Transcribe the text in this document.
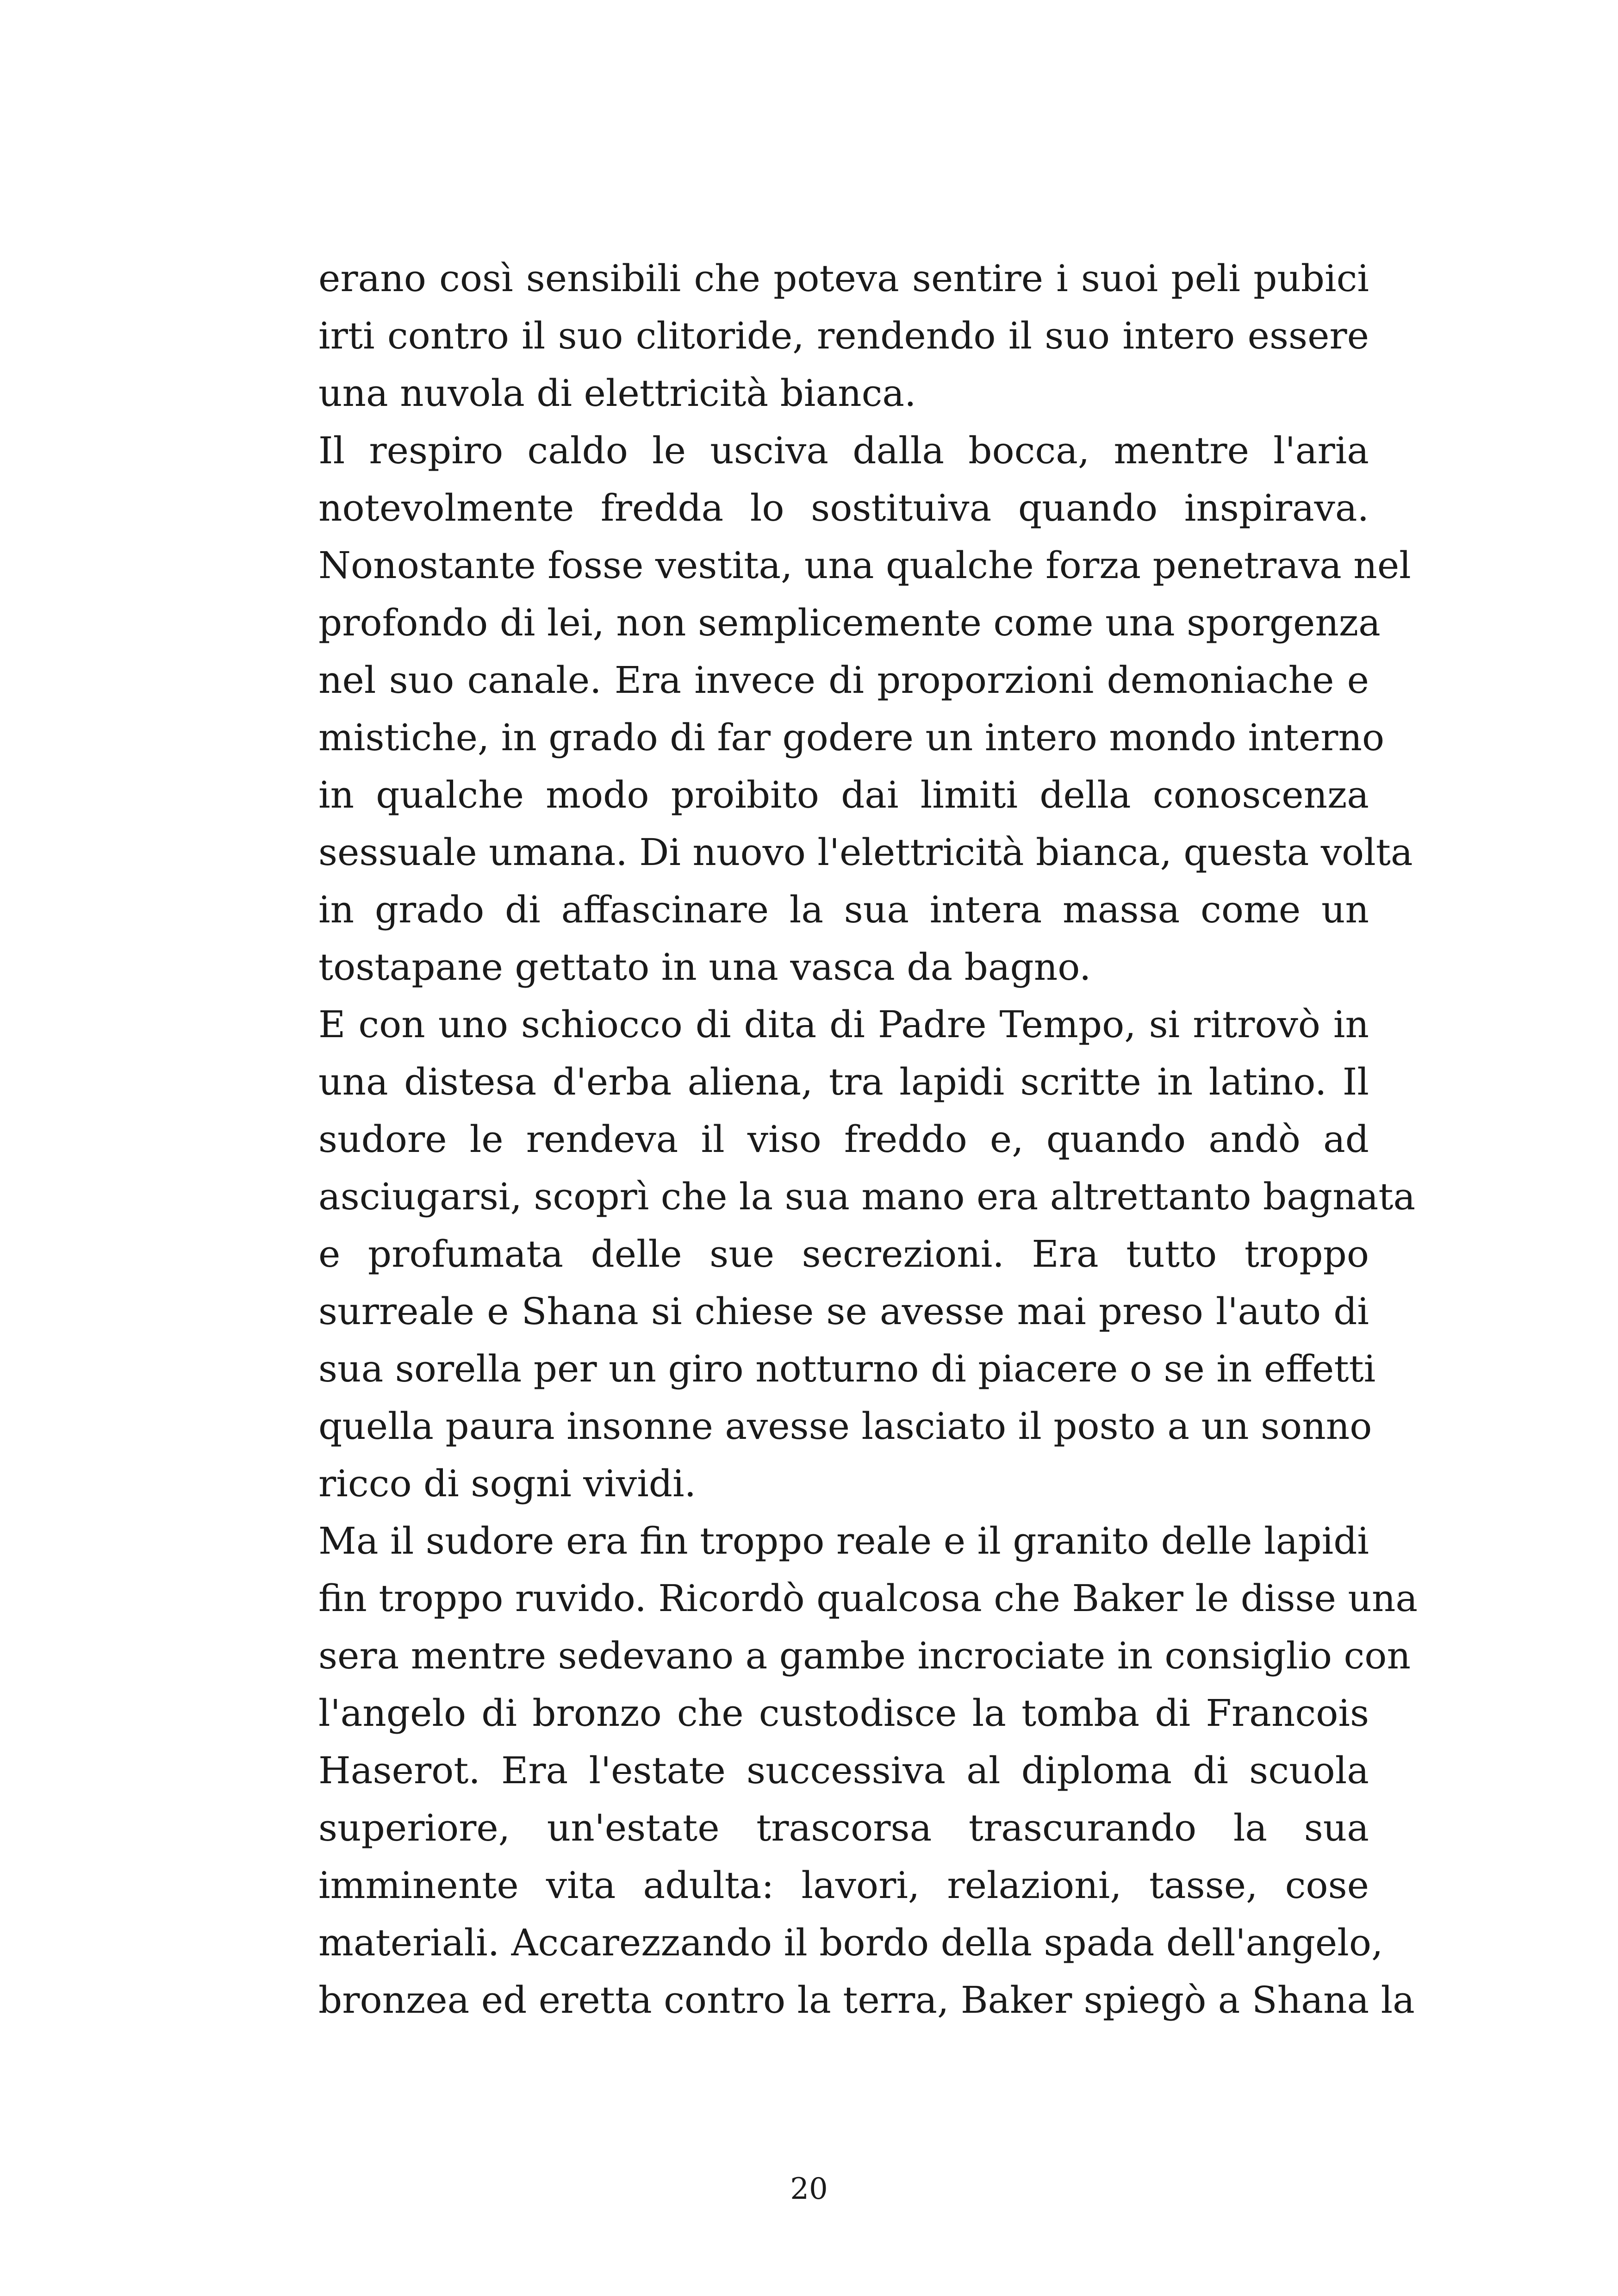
erano così sensibili che poteva sentire i suoi peli pubici
irti contro il suo clitoride, rendendo il suo intero essere
una nuvola di elettricità bianca.
Il respiro caldo le usciva dalla bocca, mentre l'aria
notevolmente fredda lo sostituiva quando inspirava.
Nonostante fosse vestita, una qualche forza penetrava nel
profondo di lei, non semplicemente come una sporgenza
nel suo canale. Era invece di proporzioni demoniache e
mistiche, in grado di far godere un intero mondo interno
in qualche modo proibito dai limiti della conoscenza
sessuale umana. Di nuovo l'elettricità bianca, questa volta
in grado di affascinare la sua intera massa come un
tostapane gettato in una vasca da bagno.
E con uno schiocco di dita di Padre Tempo, si ritrovò in
una distesa d'erba aliena, tra lapidi scritte in latino. Il
sudore le rendeva il viso freddo e, quando andò ad
asciugarsi, scoprì che la sua mano era altrettanto bagnata
e profumata delle sue secrezioni. Era tutto troppo
surreale e Shana si chiese se avesse mai preso l'auto di
sua sorella per un giro notturno di piacere o se in effetti
quella paura insonne avesse lasciato il posto a un sonno
ricco di sogni vividi.
Ma il sudore era fin troppo reale e il granito delle lapidi
fin troppo ruvido. Ricordò qualcosa che Baker le disse una
sera mentre sedevano a gambe incrociate in consiglio con
l'angelo di bronzo che custodisce la tomba di Francois
Haserot. Era l'estate successiva al diploma di scuola
superiore, un'estate trascorsa trascurando la sua
imminente vita adulta: lavori, relazioni, tasse, cose
materiali. Accarezzando il bordo della spada dell'angelo,
bronzea ed eretta contro la terra, Baker spiegò a Shana la
20
